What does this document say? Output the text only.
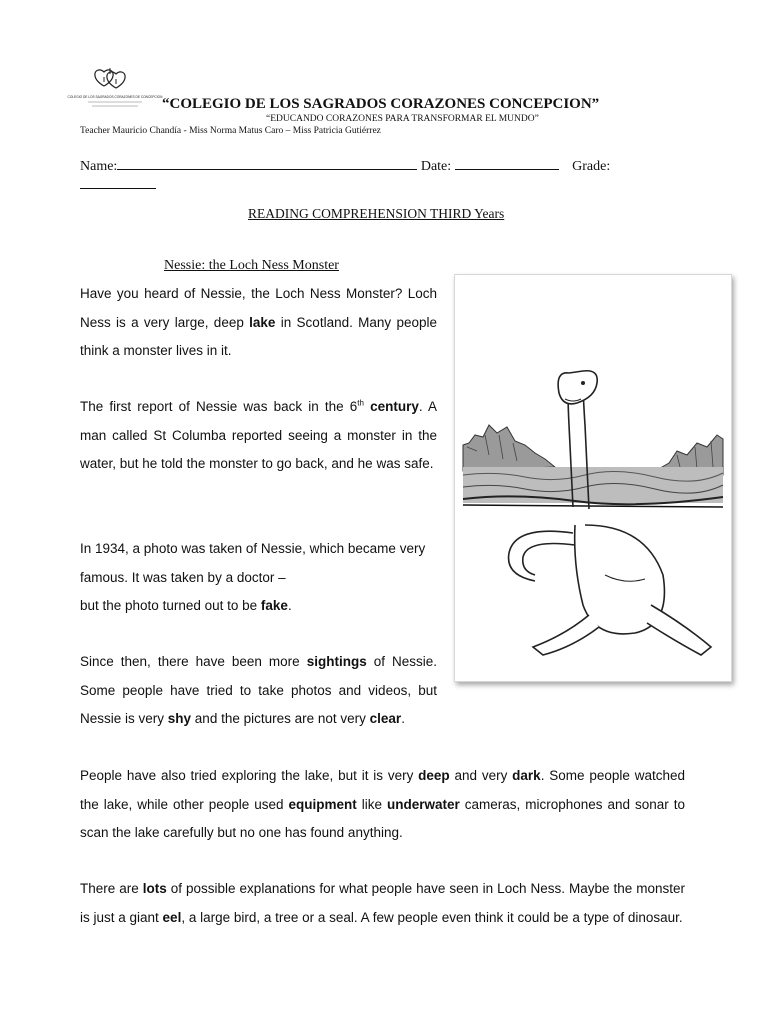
COLEGIO DE LOS SAGRADOS CORAZONES DE CONCEPCION “COLEGIO DE LOS SAGRADOS CORAZONES CONCEPCION”
“EDUCANDO CORAZONES PARA TRANSFORMAR EL MUNDO”
Teacher Mauricio Chandía - Miss Norma Matus Caro – Miss Patricia Gutiérrez
Name:	Date:	Grade:
READING COMPREHENSION THIRD Years
Nessie: the Loch Ness Monster

Have you heard of Nessie, the Loch Ness Monster? Loch Ness is a very large, deep lake in Scotland. Many people think a monster lives in it.

The first report of Nessie was back in the 6th century. A man called St Columba reported seeing a monster in the water, but he told the monster to go back, and he was safe.

In 1934, a photo was taken of Nessie, which became very famous. It was taken by a doctor –
but the photo turned out to be fake.

Since then, there have been more sightings of Nessie. Some people have tried to take photos and videos, but Nessie is very shy and the pictures are not very clear.

People have also tried exploring the lake, but it is very deep and very dark. Some people watched the lake, while other people used equipment like underwater cameras, microphones and sonar to scan the lake carefully but no one has found anything.

There are lots of possible explanations for what people have seen in Loch Ness. Maybe the monster is just a giant eel, a large bird, a tree or a seal. A few people even think it could be a type of dinosaur.
